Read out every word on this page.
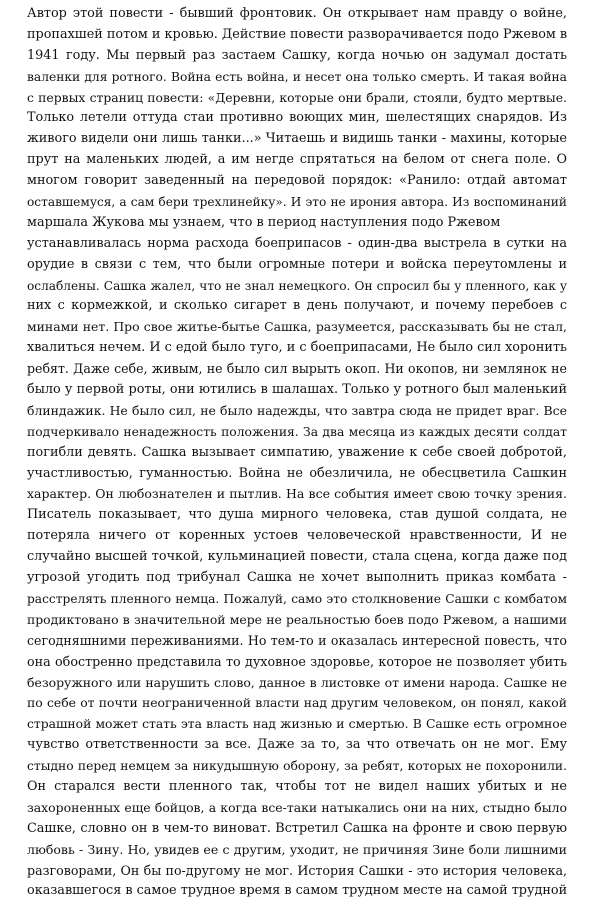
Автор этой повести - бывший фронтовик. Он открывает нам правду о войне,
пропахшей потом и кровью. Действие повести разворачивается подо Ржевом в
1941 году. Мы первый раз застаем Сашку, когда ночью он задумал достать
валенки для ротного. Война есть война, и несет она только смерть. И такая война
с первых страниц повести: «Деревни, которые они брали, стояли, будто мертвые.
Только летели оттуда стаи противно воющих мин, шелестящих снарядов. Из
живого видели они лишь танки...» Читаешь и видишь танки - махины, которые
прут на маленьких людей, а им негде спрятаться на белом от снега поле. О
многом говорит заведенный на передовой порядок: «Ранило: отдай автомат
оставшемуся, а сам бери трехлинейку». И это не ирония автора. Из воспоминаний
маршала Жукова мы узнаем, что в период наступления подо Ржевом
устанавливалась норма расхода боеприпасов - один-два выстрела в сутки на
орудие в связи с тем, что были огромные потери и войска переутомлены и
ослаблены. Сашка жалел, что не знал немецкого. Он спросил бы у пленного, как у
них с кормежкой, и сколько сигарет в день получают, и почему перебоев с
минами нет. Про свое житье-бытье Сашка, разумеется, рассказывать бы не стал,
хвалиться нечем. И с едой было туго, и с боеприпасами, Не было сил хоронить
ребят. Даже себе, живым, не было сил вырыть окоп. Ни окопов, ни землянок не
было у первой роты, они ютились в шалашах. Только у ротного был маленький
блиндажик. Не было сил, не было надежды, что завтра сюда не придет враг. Все
подчеркивало ненадежность положения. За два месяца из каждых десяти солдат
погибли девять. Сашка вызывает симпатию, уважение к себе своей добротой,
участливостью, гуманностью. Война не обезличила, не обесцветила Сашкин
характер. Он любознателен и пытлив. На все события имеет свою точку зрения.
Писатель показывает, что душа мирного человека, став душой солдата, не
потеряла ничего от коренных устоев человеческой нравственности, И не
случайно высшей точкой, кульминацией повести, стала сцена, когда даже под
угрозой угодить под трибунал Сашка не хочет выполнить приказ комбата -
расстрелять пленного немца. Пожалуй, само это столкновение Сашки с комбатом
продиктовано в значительной мере не реальностью боев подо Ржевом, а нашими
сегодняшними переживаниями. Но тем-то и оказалась интересной повесть, что
она обостренно представила то духовное здоровье, которое не позволяет убить
безоружного или нарушить слово, данное в листовке от имени народа. Сашке не
по себе от почти неограниченной власти над другим человеком, он понял, какой
страшной может стать эта власть над жизнью и смертью. В Сашке есть огромное
чувство ответственности за все. Даже за то, за что отвечать он не мог. Ему
стыдно перед немцем за никудышную оборону, за ребят, которых не похоронили.
Он старался вести пленного так, чтобы тот не видел наших убитых и не
захороненных еще бойцов, а когда все-таки натыкались они на них, стыдно было
Сашке, словно он в чем-то виноват. Встретил Сашка на фронте и свою первую
любовь - Зину. Но, увидев ее с другим, уходит, не причиняя Зине боли лишними
разговорами, Он бы по-другому не мог. История Сашки - это история человека,
оказавшегося в самое трудное время в самом трудном месте на самой трудной
